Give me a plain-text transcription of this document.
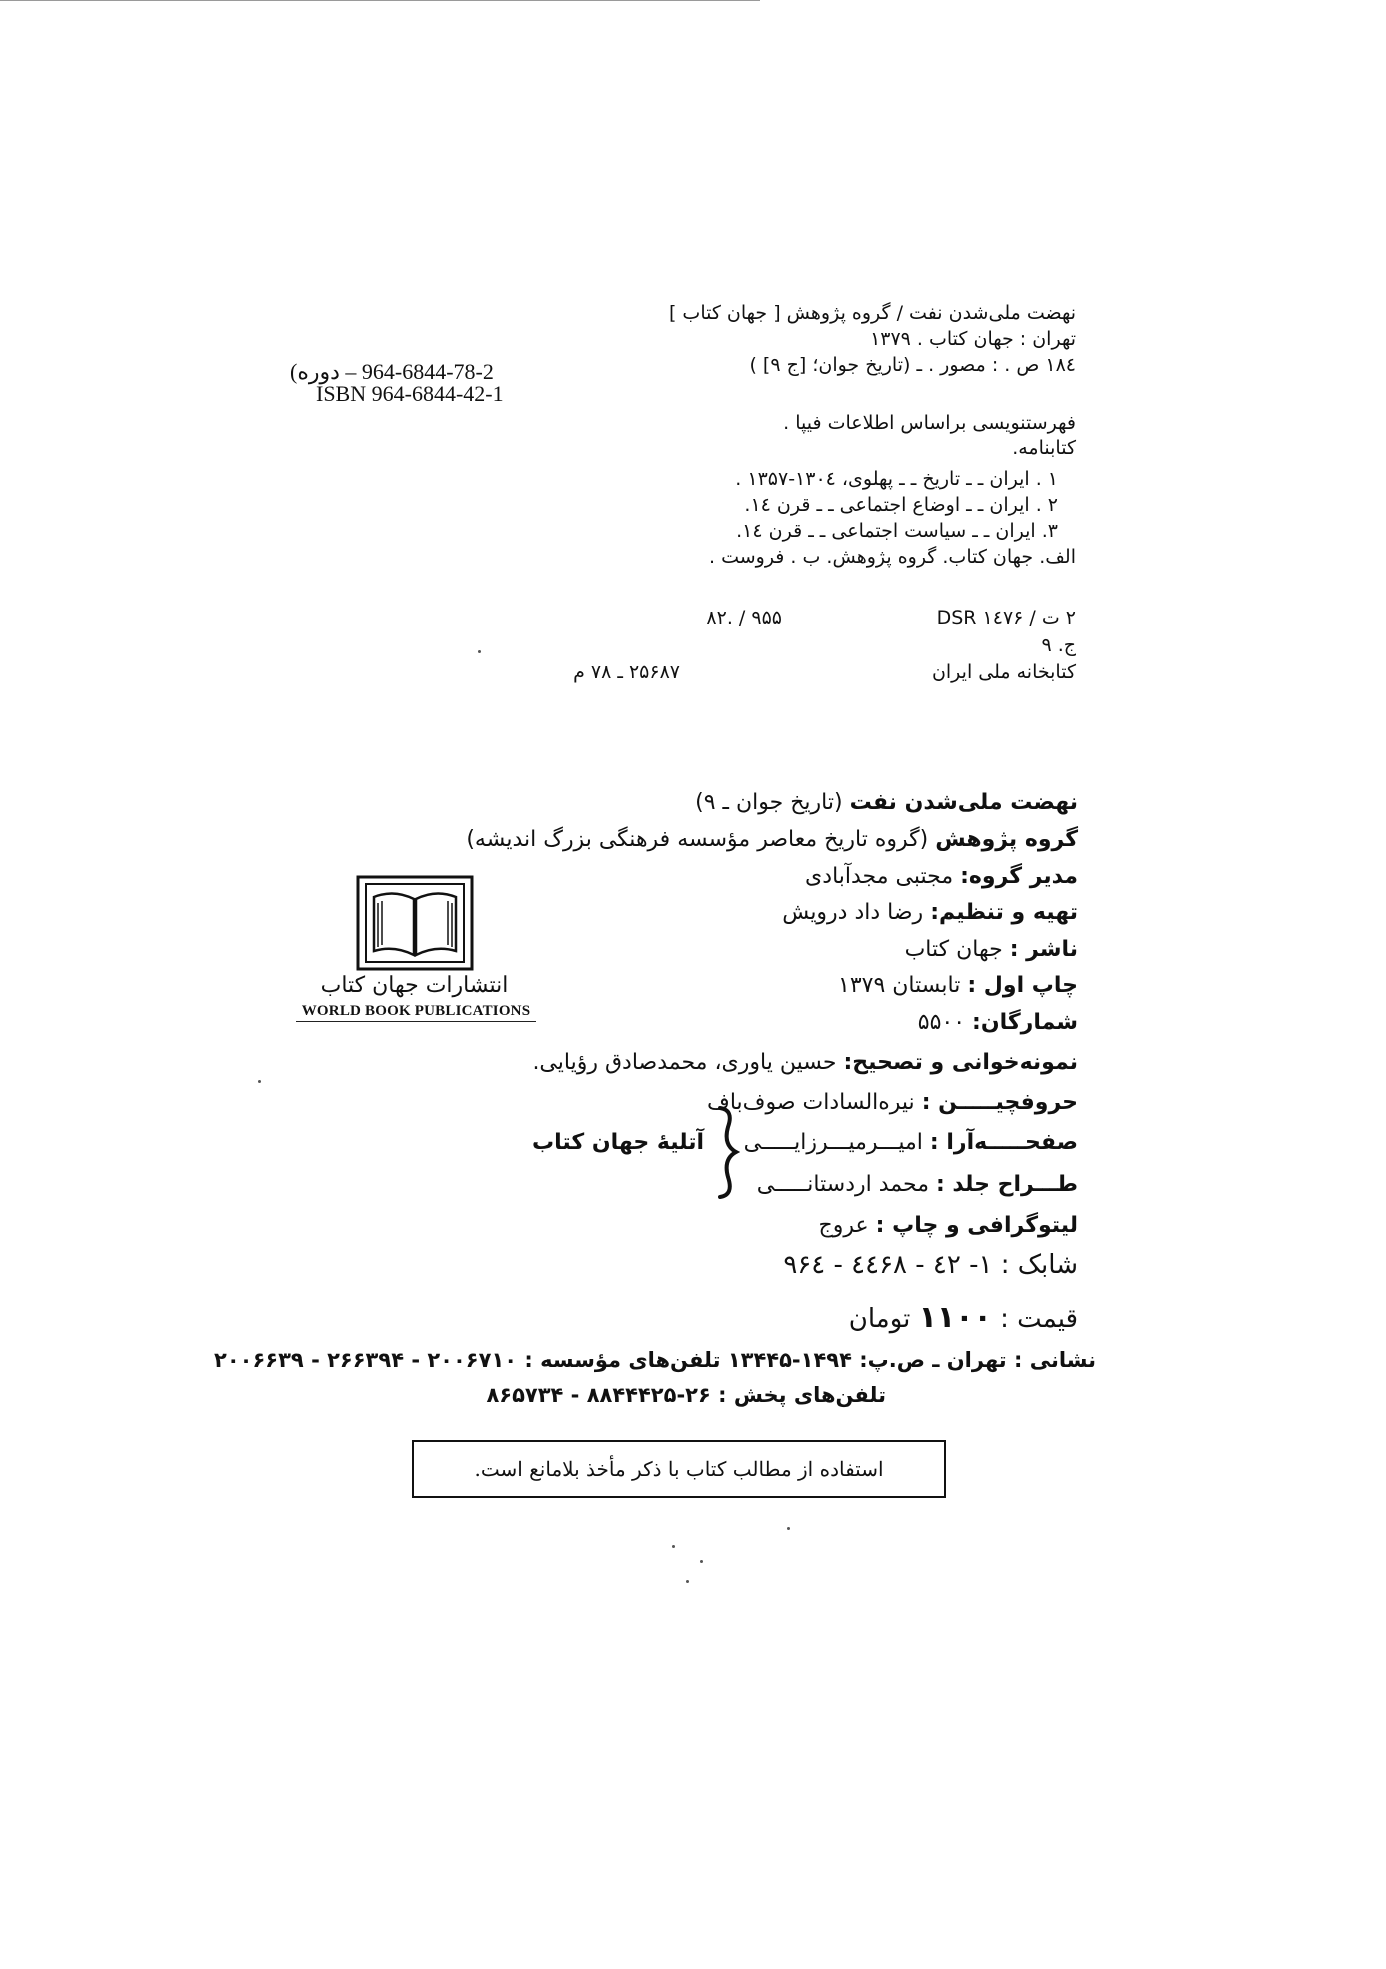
نهضت ملی‌شدن نفت / گروه پژوهش [ جهان کتاب ]
تهران : جهان کتاب . ۱۳۷۹
۱۸٤ ص . : مصور . ـ (تاریخ جوان؛ [ج ۹] )
(دوره ‎– 964-6844-78-2
ISBN 964-6844-42-1
فهرستنویسی براساس اطلاعات فیپا .
کتابنامه.
۱ . ایران ـ ـ تاریخ ـ ـ پهلوی، ۱۳۰٤-۱۳۵۷ .
۲ . ایران ـ ـ اوضاع اجتماعی ـ ـ قرن ۱٤.
۳. ایران ـ ـ سیاست اجتماعی ـ ـ قرن ۱٤.
الف. جهان کتاب. گروه پژوهش. ب . فروست .
۲ ت / ۱٤۷۶ DSR
۹۵۵ / .۸۲
ج. ۹
کتابخانه ملی ایران
۲۵۶۸۷ ـ ۷۸ م
نهضت ملی‌شدن نفت (تاریخ جوان ـ ۹)
گروه پژوهش (گروه تاریخ معاصر مؤسسه فرهنگی بزرگ اندیشه)
مدیر گروه: مجتبی مجدآبادی
تهیه و تنظیم: رضا داد درویش
ناشر : جهان کتاب
چاپ اول : تابستان ۱۳۷۹
شمارگان: ۵۵۰۰
نمونه‌خوانی و تصحیح: حسین یاوری، محمدصادق رؤیایی.
حروفچیـــــن : نیره‌السادات صوف‌باف
صفحـــــه‌آرا : امیـــرمیـــرزایـــــی
طـــراح جلد : محمد اردستانـــــی
آتلیهٔ جهان کتاب
لیتوگرافی و چاپ : عروج
شابک : ۱- ٤۲ - ٤٤۶۸ - ۹۶٤
قیمت : ۱۱۰۰ تومان
نشانی : تهران ـ ص.پ: ۱۴۹۴-۱۳۴۴۵ تلفن‌های مؤسسه : ۲۰۰۶۷۱۰ - ۲۶۶۳۹۴ - ۲۰۰۶۶۳۹
تلفن‌های پخش : ۲۶-۸۸۴۴۴۲۵ - ۸۶۵۷۳۴
استفاده از مطالب کتاب با ذکر مأخذ بلامانع است.
انتشارات جهان کتاب
WORLD BOOK PUBLICATIONS
